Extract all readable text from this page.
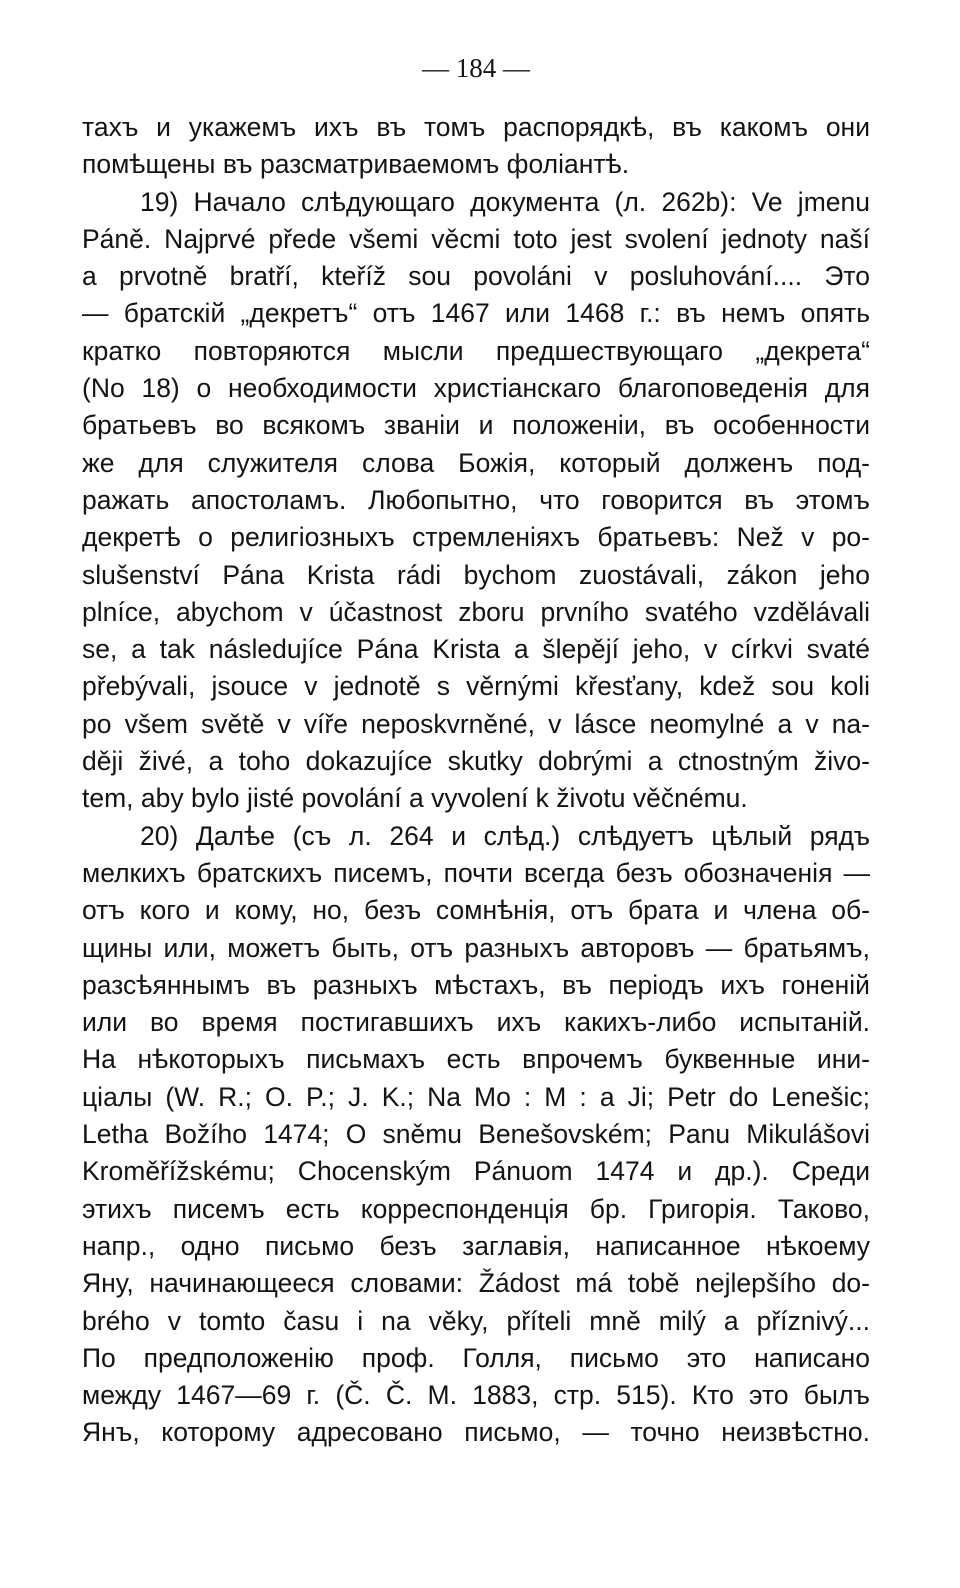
— 184 —
тахъ и укажемъ ихъ въ томъ распорядкѣ, въ какомъ они
помѣщены въ разсматриваемомъ фоліантѣ.
19) Начало слѣдующаго документа (л. 262b): Ve jmenu
Páně. Najprvé přede všemi věcmi toto jest svolení jednoty naší
a prvotně bratří, kteříž sou povoláni v posluhování.... Это
— братскій „декретъ“ отъ 1467 или 1468 г.: въ немъ опять
кратко повторяются мысли предшествующаго „декрета“
(No 18) о необходимости христіанскаго благоповеденія для
братьевъ во всякомъ званіи и положеніи, въ особенности
же для служителя слова Божія, который долженъ под-
ражать апостоламъ. Любопытно, что говорится въ этомъ
декретѣ о религіозныхъ стремленіяхъ братьевъ: Než v po-
slušenství Pána Krista rádi bychom zuostávali, zákon jeho
plníce, abychom v účastnost zboru prvního svatého vzdělávali
se, a tak následujíce Pána Krista a šlepějí jeho, v církvi svaté
přebývali, jsouce v jednotě s věrnými křesťany, kdež sou koli
po všem světě v víře neposkvrněné, v lásce neomylné a v na-
ději živé, a toho dokazujíce skutky dobrými a ctnostným živo-
tem, aby bylo jisté povolání a vyvolení k životu věčnému.
20) Далѣе (съ л. 264 и слѣд.) слѣдуетъ цѣлый рядъ
мелкихъ братскихъ писемъ, почти всегда безъ обозначенія —
отъ кого и кому, но, безъ сомнѣнія, отъ брата и члена об-
щины или, можетъ быть, отъ разныхъ авторовъ — братьямъ,
разсѣяннымъ въ разныхъ мѣстахъ, въ періодъ ихъ гоненій
или во время постигавшихъ ихъ какихъ-либо испытаній.
На нѣкоторыхъ письмахъ есть впрочемъ буквенные ини-
ціалы (W. R.; O. P.; J. K.; Na Mo : M : a Ji; Petr do Lenešic;
Letha Božího 1474; O sněmu Benešovském; Panu Mikulášovi
Kroměřížskému; Chocenským Pánuom 1474 и др.). Среди
этихъ писемъ есть корреспонденція бр. Григорія. Таково,
напр., одно письмо безъ заглавія, написанное нѣкоему
Яну, начинающееся словами: Žádost má tobě nejlepšího do-
brého v tomto času i na věky, příteli mně milý a příznivý...
По предположенію проф. Голля, письмо это написано
между 1467—69 г. (Č. Č. M. 1883, стр. 515). Кто это былъ
Янъ, которому адресовано письмо, — точно неизвѣстно.
